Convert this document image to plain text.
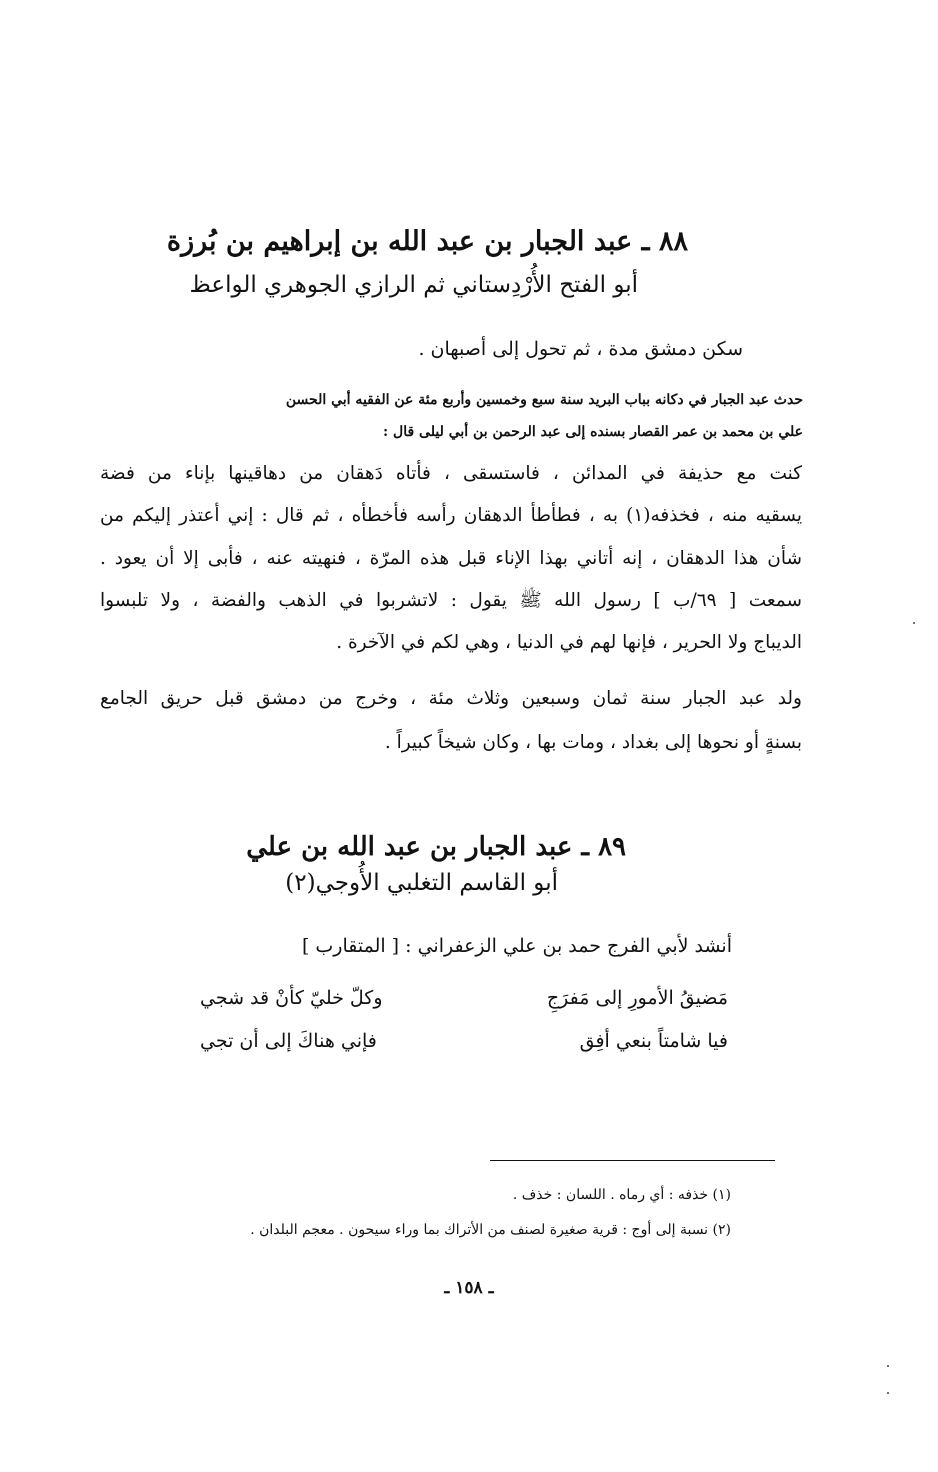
٨٨ ـ عبد الجبار بن عبد الله بن إبراهيم بن بُرزة
أبو الفتح الأُرْدِستاني ثم الرازي الجوهري الواعظ
سكن دمشق مدة ، ثم تحول إلى أصبهان .
حدث عبد الجبار في دكانه بباب البريد سنة سبع وخمسين وأربع مئة عن الفقيه أبي الحسن
علي بن محمد بن عمر القصار بسنده إلى عبد الرحمن بن أبي ليلى قال :
كنت مع حذيفة في المدائن ، فاستسقى ، فأتاه دَهقان من دهاقينها بإناء من فضة
يسقيه منه ، فخذفه(١) به ، فطأطأ الدهقان رأسه فأخطأه ، ثم قال : إني أعتذر إليكم من
شأن هذا الدهقان ، إنه أتاني بهذا الإناء قبل هذه المرّة ، فنهيته عنه ، فأبى إلا أن يعود .
سمعت [ ٦٩/ب ] رسول الله ﷺ يقول : لاتشربوا في الذهب والفضة ، ولا تلبسوا
الديباج ولا الحرير ، فإنها لهم في الدنيا ، وهي لكم في الآخرة .
ولد عبد الجبار سنة ثمان وسبعين وثلاث مئة ، وخرج من دمشق قبل حريق الجامع
بسنةٍ أو نحوها إلى بغداد ، ومات بها ، وكان شيخاً كبيراً .
٨٩ ـ عبد الجبار بن عبد الله بن علي
أبو القاسم التغلبي الأُوجي(٢)
أنشد لأبي الفرج حمد بن علي الزعفراني : [ المتقارب ]
مَضيقُ الأمورِ إلى مَفرَجِ
وكلّ خليّ كأنْ قد شجي
فيا شامتاً بنعي أفِق
فإني هناكَ إلى أن تجي
(١) خذفه : أي رماه . اللسان : خذف .
(٢) نسبة إلى أوج : قرية صغيرة لصنف من الأتراك بما وراء سيحون . معجم البلدان .
ـ ١٥٨ ـ
